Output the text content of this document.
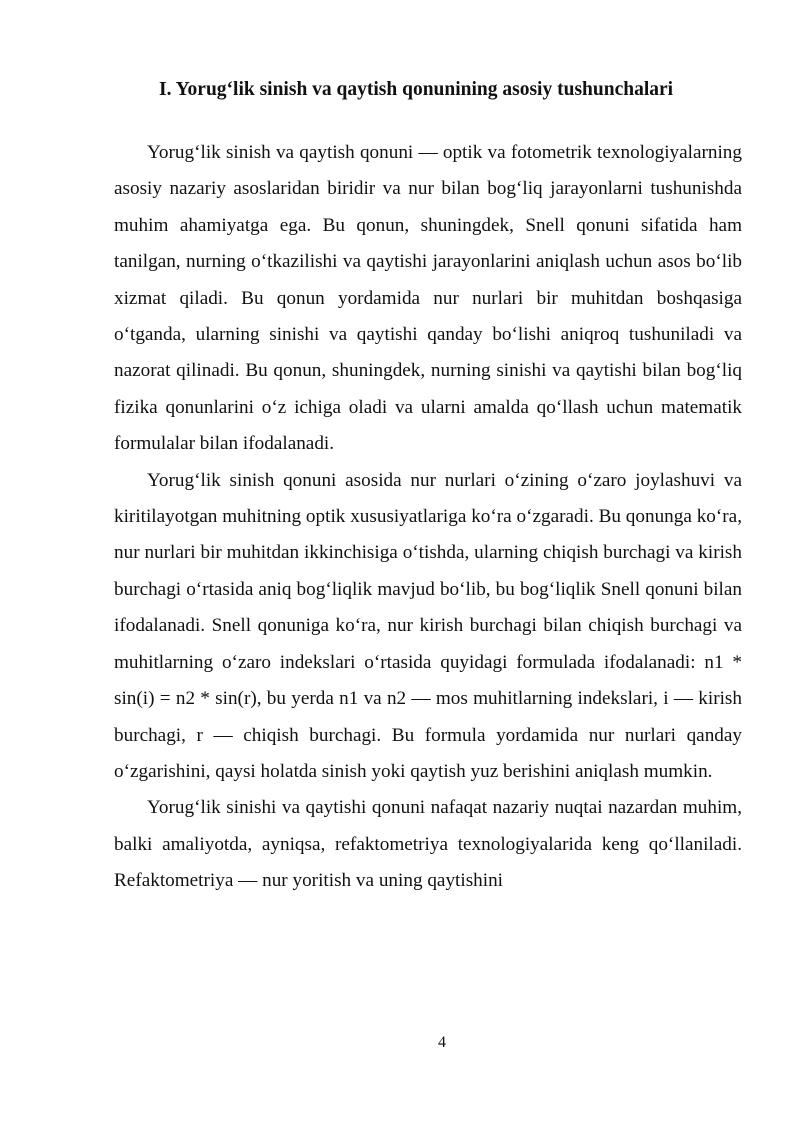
I. Yorug‘lik sinish va qaytish qonunining asosiy tushunchalari

Yorug‘lik sinish va qaytish qonuni — optik va fotometrik texnologiyalarning asosiy nazariy asoslaridan biridir va nur bilan bog‘liq jarayonlarni tushunishda muhim ahamiyatga ega. Bu qonun, shuningdek, Snell qonuni sifatida ham tanilgan, nurning o‘tkazilishi va qaytishi jarayonlarini aniqlash uchun asos bo‘lib xizmat qiladi. Bu qonun yordamida nur nurlari bir muhitdan boshqasiga o‘tganda, ularning sinishi va qaytishi qanday bo‘lishi aniqroq tushuniladi va nazorat qilinadi. Bu qonun, shuningdek, nurning sinishi va qaytishi bilan bog‘liq fizika qonunlarini o‘z ichiga oladi va ularni amalda qo‘llash uchun matematik formulalar bilan ifodalanadi.

Yorug‘lik sinish qonuni asosida nur nurlari o‘zining o‘zaro joylashuvi va kiritilayotgan muhitning optik xususiyatlariga ko‘ra o‘zgaradi. Bu qonunga ko‘ra, nur nurlari bir muhitdan ikkinchisiga o‘tishda, ularning chiqish burchagi va kirish burchagi o‘rtasida aniq bog‘liqlik mavjud bo‘lib, bu bog‘liqlik Snell qonuni bilan ifodalanadi. Snell qonuniga ko‘ra, nur kirish burchagi bilan chiqish burchagi va muhitlarning o‘zaro indekslari o‘rtasida quyidagi formulada ifodalanadi: n1 * sin(i) = n2 * sin(r), bu yerda n1 va n2 — mos muhitlarning indekslari, i — kirish burchagi, r — chiqish burchagi. Bu formula yordamida nur nurlari qanday o‘zgarishini, qaysi holatda sinish yoki qaytish yuz berishini aniqlash mumkin.

Yorug‘lik sinishi va qaytishi qonuni nafaqat nazariy nuqtai nazardan muhim, balki amaliyotda, ayniqsa, refaktometriya texnologiyalarida keng qo‘llaniladi. Refaktometriya — nur yoritish va uning qaytishini

4
